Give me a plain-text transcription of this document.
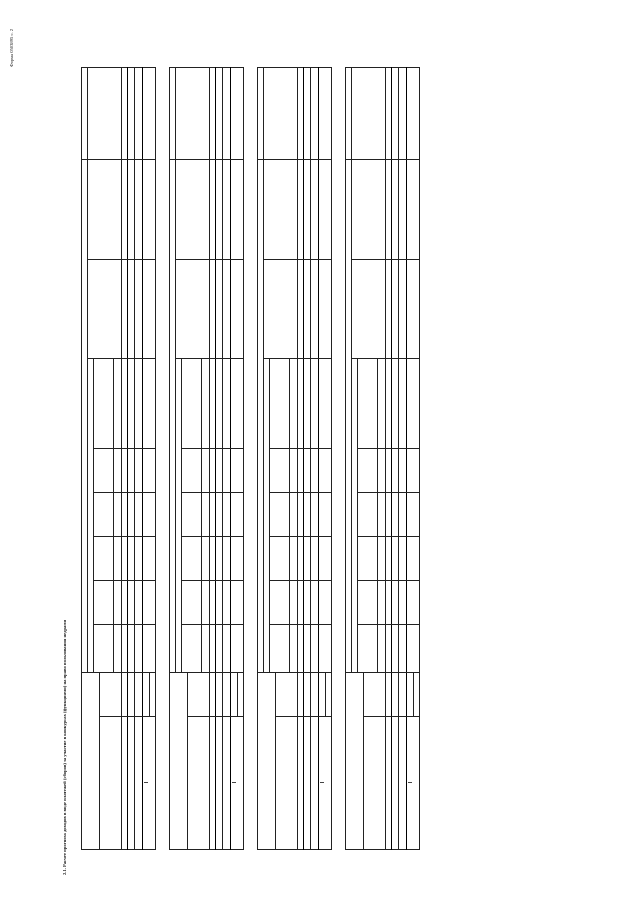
Форма 0503895 с. 2
2.1. Расчет прогноза доходов в виде платежей (сборов) за участие в конкурсах (функциями) на право пользования недрами
